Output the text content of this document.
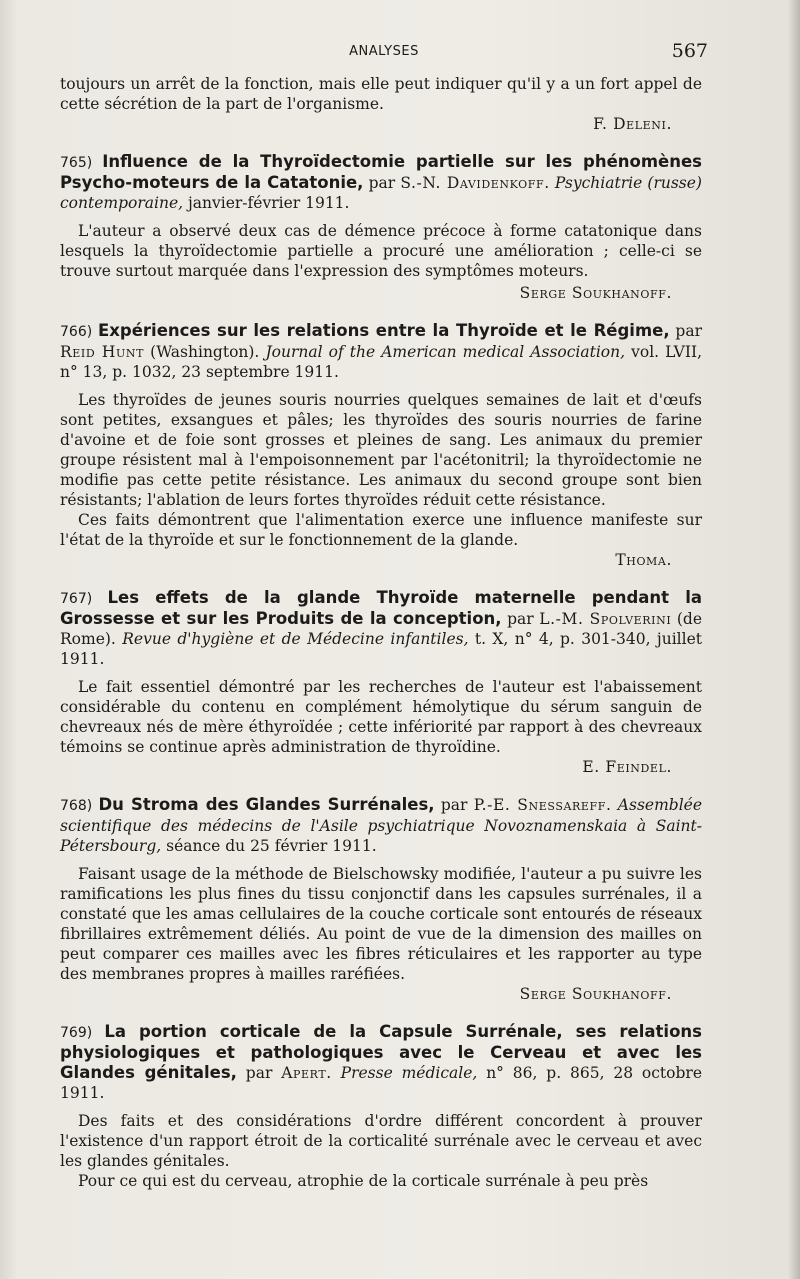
ANALYSES	567

toujours un arrêt de la fonction, mais elle peut indiquer qu'il y a un fort appel de cette sécrétion de la part de l'organisme.

F. Deleni.

765) Influence de la Thyroïdectomie partielle sur les phénomènes Psycho-moteurs de la Catatonie, par S.-N. Davidenkoff. Psychiatrie (russe) contemporaine, janvier-février 1911.

L'auteur a observé deux cas de démence précoce à forme catatonique dans lesquels la thyroïdectomie partielle a procuré une amélioration ; celle-ci se trouve surtout marquée dans l'expression des symptômes moteurs.

Serge Soukhanoff.

766) Expériences sur les relations entre la Thyroïde et le Régime, par Reid Hunt (Washington). Journal of the American medical Association, vol. LVII, n° 13, p. 1032, 23 septembre 1911.

Les thyroïdes de jeunes souris nourries quelques semaines de lait et d'œufs sont petites, exsangues et pâles; les thyroïdes des souris nourries de farine d'avoine et de foie sont grosses et pleines de sang. Les animaux du premier groupe résistent mal à l'empoisonnement par l'acétonitril; la thyroïdectomie ne modifie pas cette petite résistance. Les animaux du second groupe sont bien résistants; l'ablation de leurs fortes thyroïdes réduit cette résistance.

Ces faits démontrent que l'alimentation exerce une influence manifeste sur l'état de la thyroïde et sur le fonctionnement de la glande.

Thoma.

767) Les effets de la glande Thyroïde maternelle pendant la Grossesse et sur les Produits de la conception, par L.-M. Spolverini (de Rome). Revue d'hygiène et de Médecine infantiles, t. X, n° 4, p. 301-340, juillet 1911.

Le fait essentiel démontré par les recherches de l'auteur est l'abaissement considérable du contenu en complément hémolytique du sérum sanguin de chevreaux nés de mère éthyroïdée ; cette infériorité par rapport à des chevreaux témoins se continue après administration de thyroïdine.

E. Feindel.

768) Du Stroma des Glandes Surrénales, par P.-E. Snessareff. Assemblée scientifique des médecins de l'Asile psychiatrique Novoznamenskaia à Saint-Pétersbourg, séance du 25 février 1911.

Faisant usage de la méthode de Bielschowsky modifiée, l'auteur a pu suivre les ramifications les plus fines du tissu conjonctif dans les capsules surrénales, il a constaté que les amas cellulaires de la couche corticale sont entourés de réseaux fibrillaires extrêmement déliés. Au point de vue de la dimension des mailles on peut comparer ces mailles avec les fibres réticulaires et les rapporter au type des membranes propres à mailles raréfiées.

Serge Soukhanoff.

769) La portion corticale de la Capsule Surrénale, ses relations physiologiques et pathologiques avec le Cerveau et avec les Glandes génitales, par Apert. Presse médicale, n° 86, p. 865, 28 octobre 1911.

Des faits et des considérations d'ordre différent concordent à prouver l'existence d'un rapport étroit de la corticalité surrénale avec le cerveau et avec les glandes génitales.

Pour ce qui est du cerveau, atrophie de la corticale surrénale à peu près
